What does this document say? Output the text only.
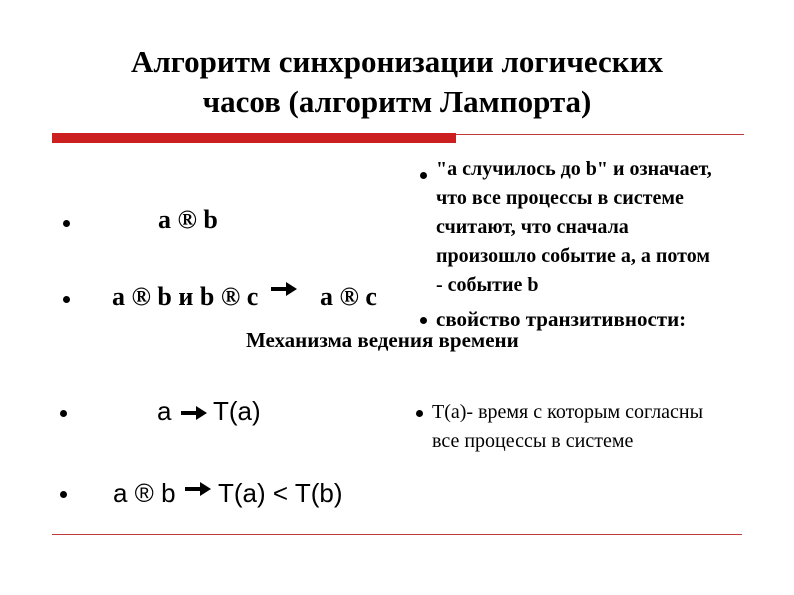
Алгоритм синхронизации логических
часов (алгоритм Лампорта)
"a случилось до b" и означает,
что все процессы в системе
считают, что сначала
произошло событие а, а потом
- событие b
a ® b
a ® b и b ® c a ® c
свойство транзитивности:
Механизма ведения времени
a T(a)	T(a)- время с которым согласны
все процессы в системе
a ® b T(a) < T(b)
